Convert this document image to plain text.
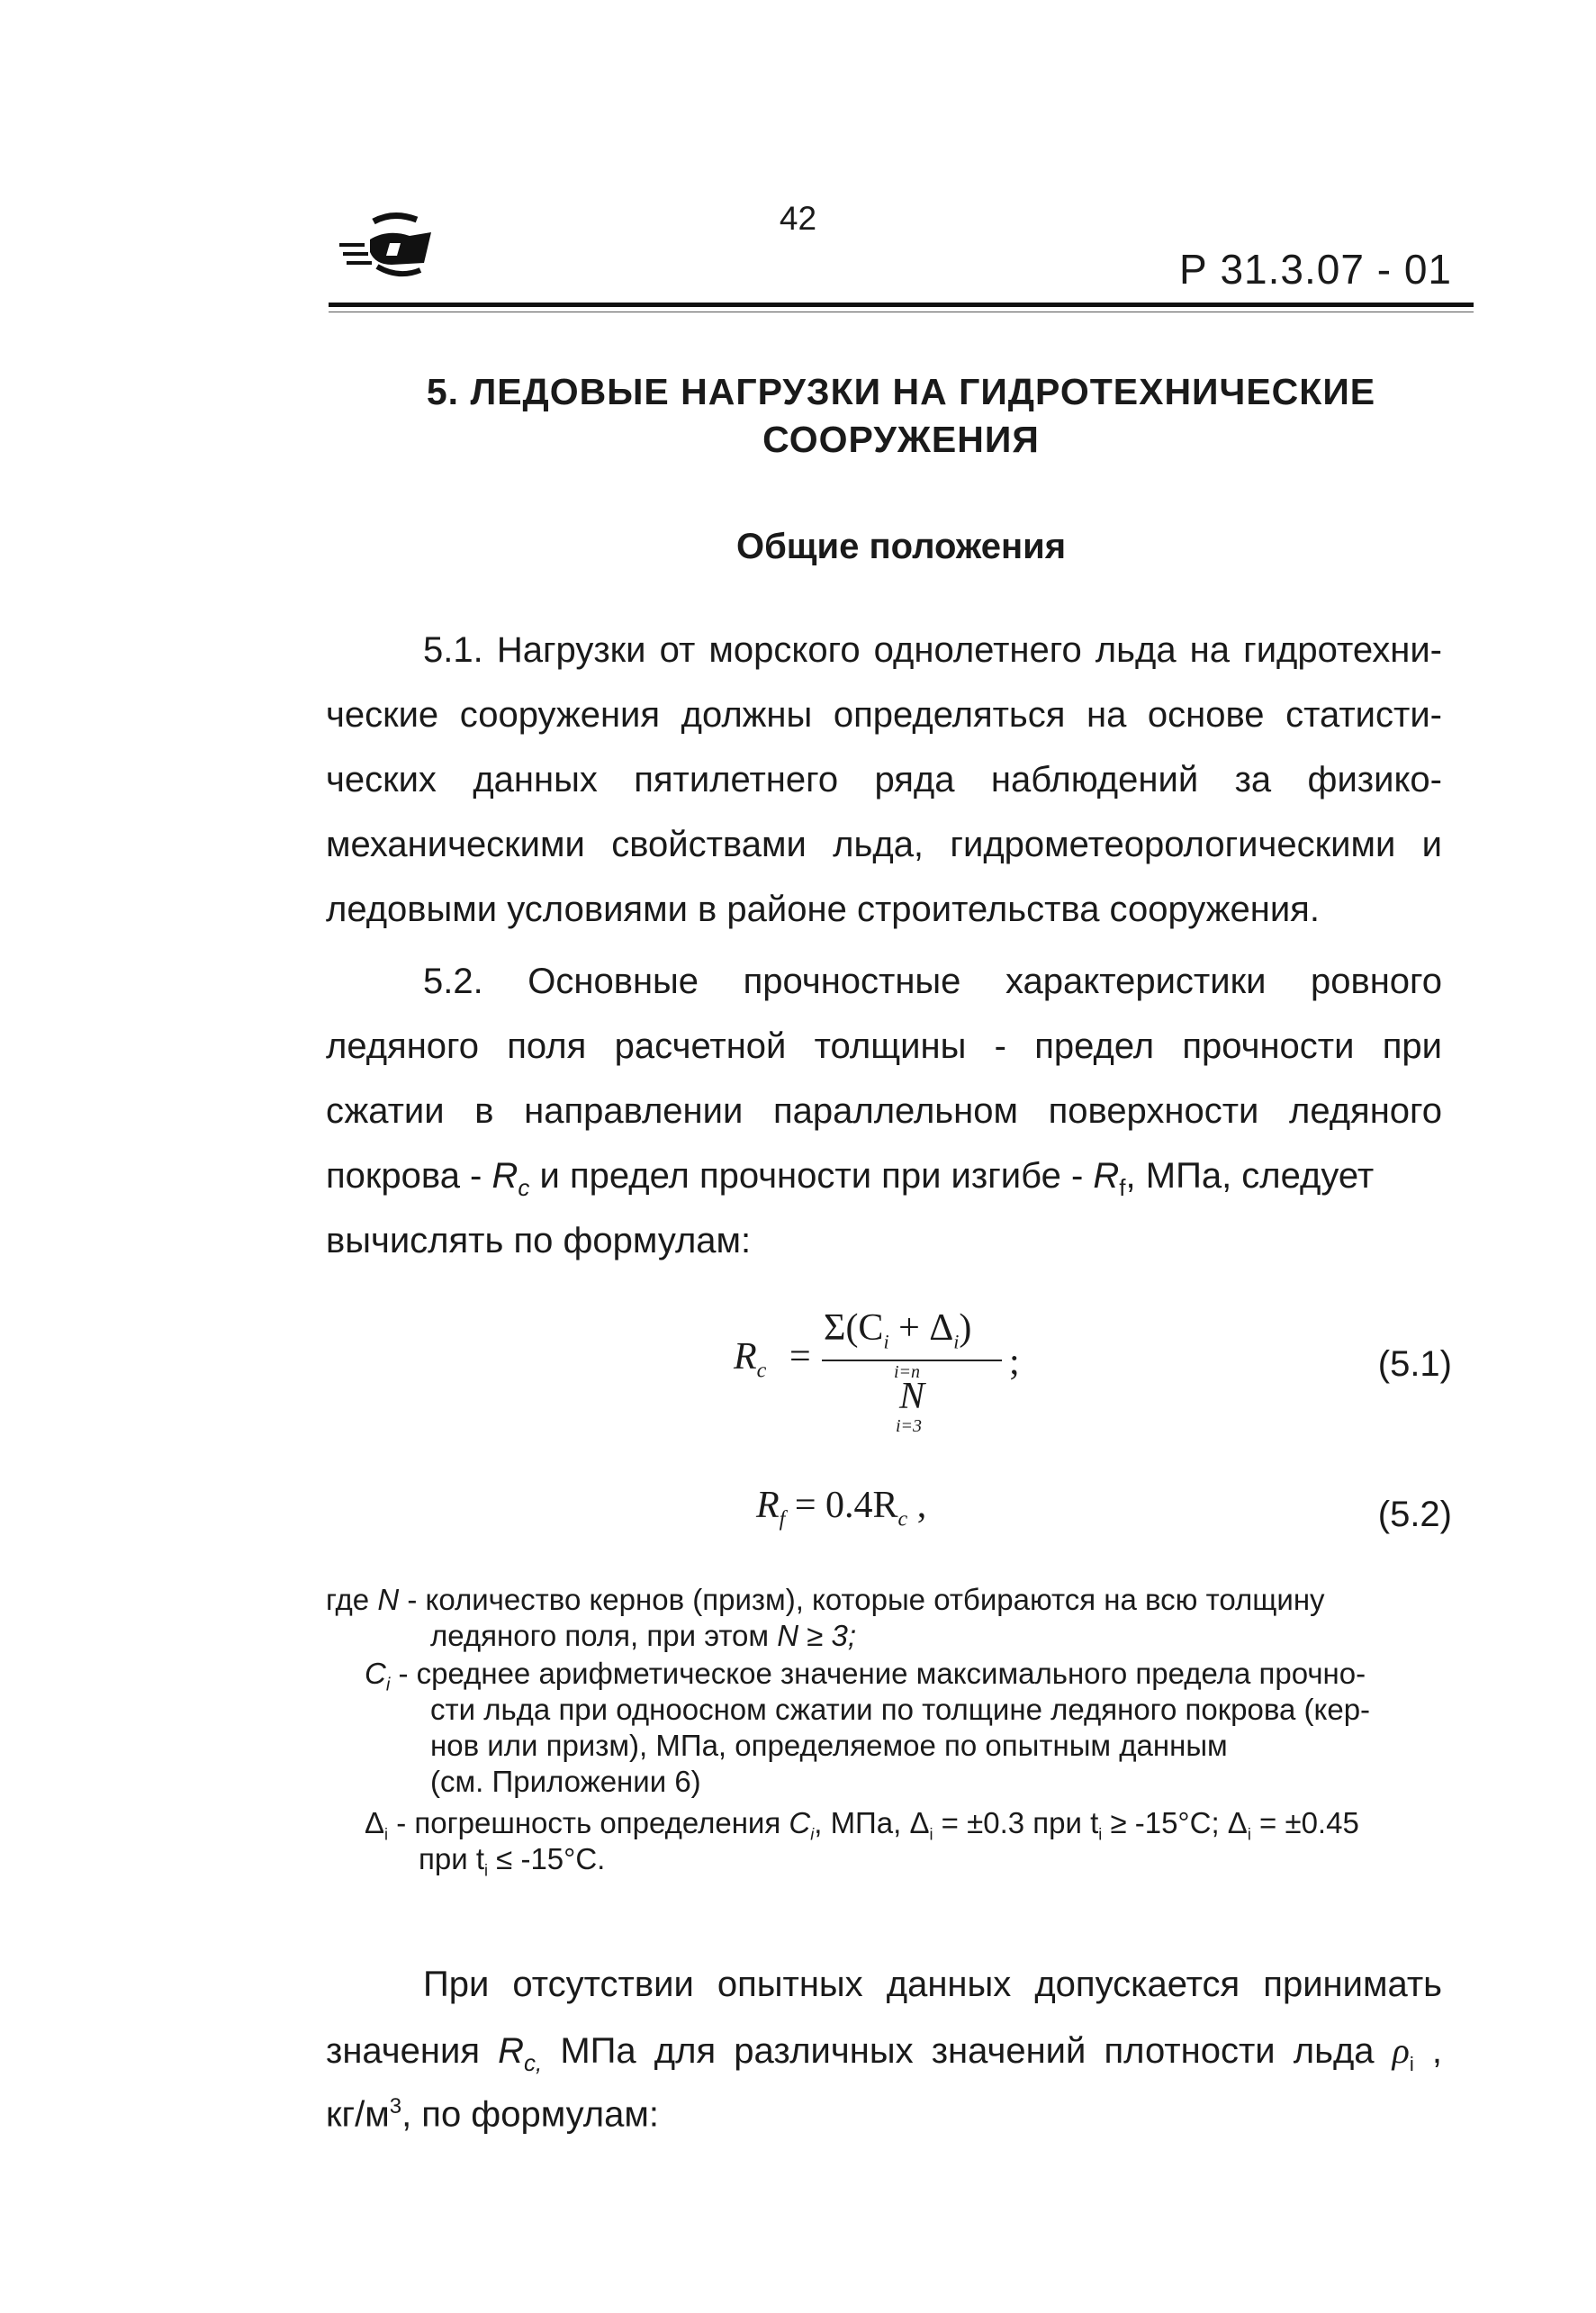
42
Р 31.3.07 - 01
5. ЛЕДОВЫЕ НАГРУЗКИ НА ГИДРОТЕХНИЧЕСКИЕ
СООРУЖЕНИЯ
Общие положения
5.1. Нагрузки от морского однолетнего льда на гидротехни-
ческие сооружения должны определяться на основе статисти-
ческих данных пятилетнего ряда наблюдений за физико-
механическими свойствами льда, гидрометеорологическими и
ледовыми условиями в районе строительства сооружения.
5.2. Основные прочностные характеристики ровного
ледяного поля расчетной толщины - предел прочности при
сжатии в направлении параллельном поверхности ледяного
покрова - $R_c$ и предел прочности при изгибе - $R_f$, МПа, следует
вычислять по формулам:
$R_c$ =
$\Sigma(C_i + \Delta_i)$
i=n
N
i=3
;	(5.1)
$R_f = 0.4R_c$ ,	(5.2)
где N - количество кернов (призм), которые отбираются на всю толщину
ледяного поля, при этом N ≥ 3;
$C_i$ - среднее арифметическое значение максимального предела прочно-
сти льда при одноосном сжатии по толщине ледяного покрова (кер-
нов или призм), МПа, определяемое по опытным данным
(см. Приложении 6)
$\Delta_i$ - погрешность определения $C_i$, МПа, $\Delta_i = \pm 0.3$ при $t_i \ge -15^\circ С$; $\Delta_i = \pm 0.45$
при $t_i \le -15^\circ С$.
При отсутствии опытных данных допускается принимать
значения $R_{c,}$ МПа для различных значений плотности льда $\rho_i$ ,
$кг/м^3$, по формулам:
